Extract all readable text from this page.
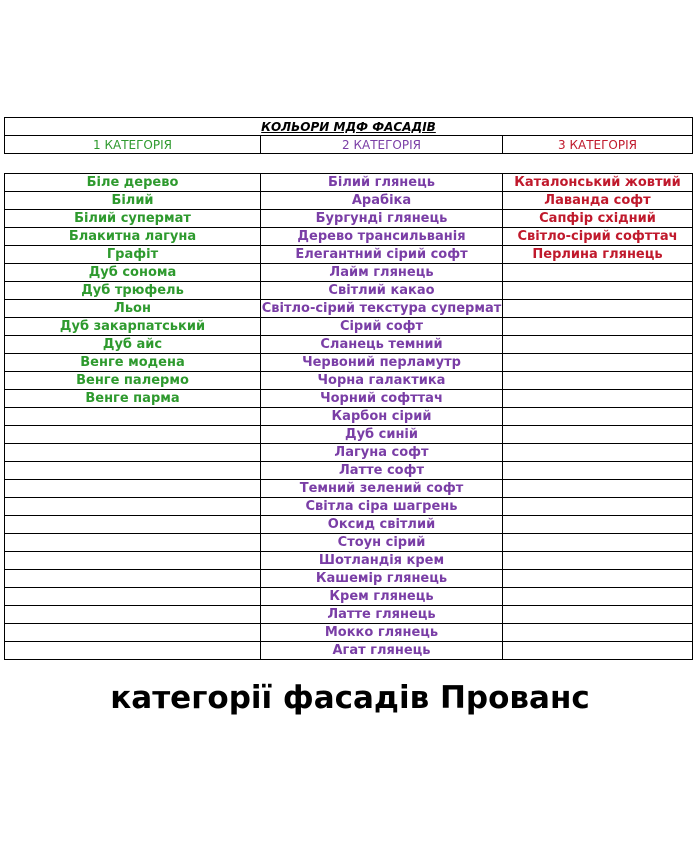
КОЛЬОРИ МДФ ФАСАДІВ
1 КАТЕГОРІЯ	2 КАТЕГОРІЯ	3 КАТЕГОРІЯ
Біле дерево	Білий глянець	Каталонський жовтий
Білий	Арабіка	Лаванда софт
Білий супермат	Бургунді глянець	Сапфір східний
Блакитна лагуна	Дерево трансильванія	Світло-сірий софттач
Графіт	Елегантний сірий софт	Перлина глянець
Дуб сонома	Лайм глянець	
Дуб трюфель	Світлий какао	
Льон	Світло-сірий текстура супермат	
Дуб закарпатський	Сірий софт	
Дуб айс	Сланець темний	
Венге модена	Червоний перламутр	
Венге палермо	Чорна галактика	
Венге парма	Чорний софттач	
	Карбон сірий	
	Дуб синій	
	Лагуна софт	
	Латте софт	
	Темний зелений софт	
	Світла сіра шагрень	
	Оксид світлий	
	Стоун сірий	
	Шотландія крем	
	Кашемір глянець	
	Крем глянець	
	Латте глянець	
	Мокко глянець	
	Агат глянець	
категорії фасадів Прованс
